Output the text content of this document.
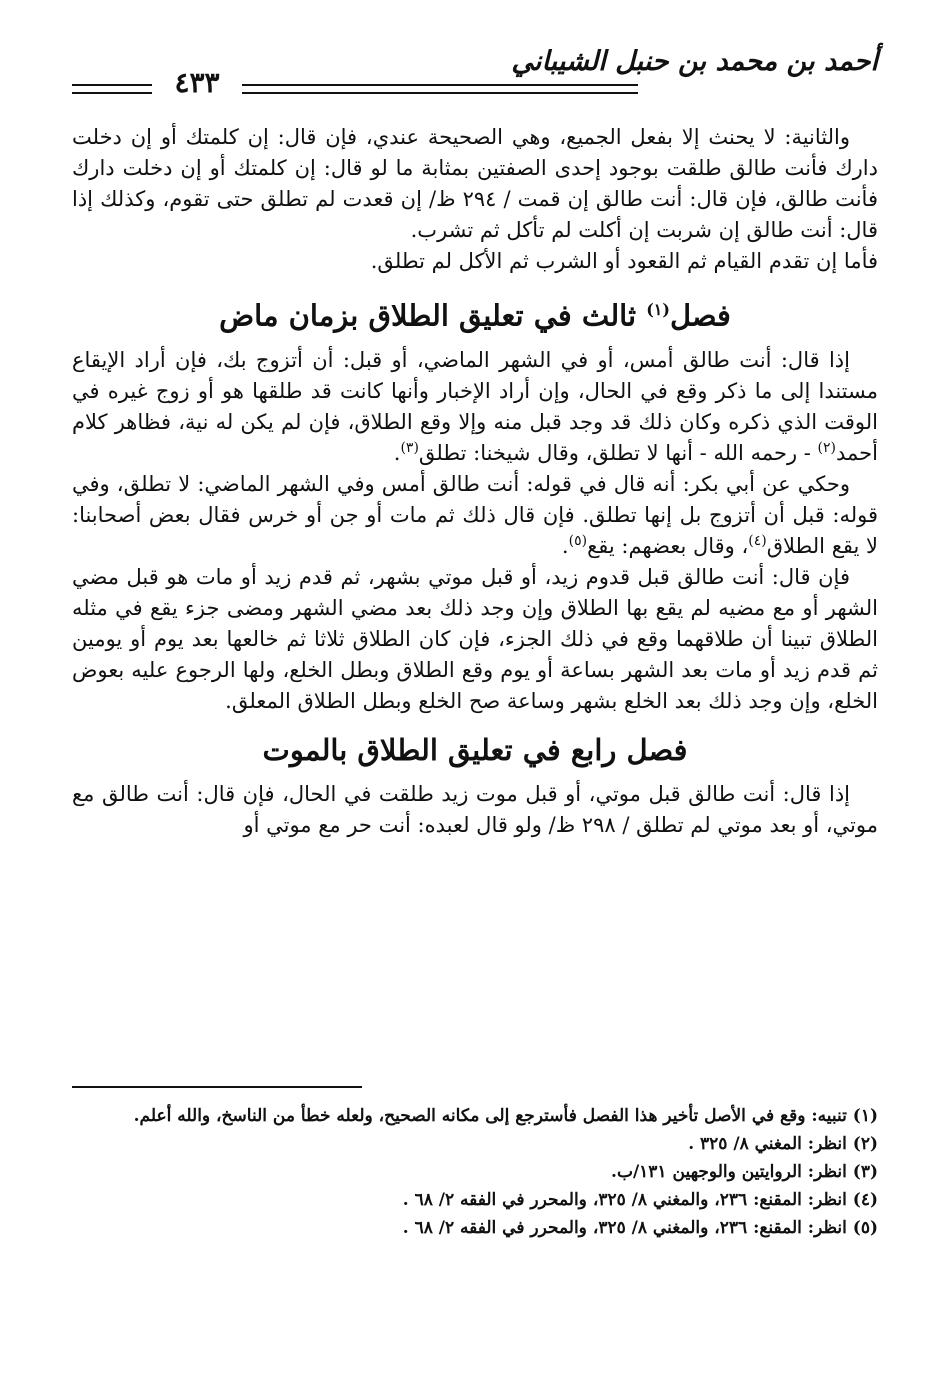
أحمد بن محمد بن حنبل الشيباني
٤٣٣

والثانية: لا يحنث إلا بفعل الجميع، وهي الصحيحة عندي، فإن قال: إن كلمتك أو إن دخلت دارك فأنت طالق طلقت بوجود إحدى الصفتين بمثابة ما لو قال: إن كلمتك أو إن دخلت دارك فأنت طالق، فإن قال: أنت طالق إن قمت / ٢٩٤ ظ/ إن قعدت لم تطلق حتى تقوم، وكذلك إذا قال: أنت طالق إن شربت إن أكلت لم تأكل ثم تشرب.

فأما إن تقدم القيام ثم القعود أو الشرب ثم الأكل لم تطلق.

فصل$^{(١)}$ ثالث في تعليق الطلاق بزمان ماض

إذا قال: أنت طالق أمس، أو في الشهر الماضي، أو قبل: أن أتزوج بك، فإن أراد الإيقاع مستندا إلى ما ذكر وقع في الحال، وإن أراد الإخبار وأنها كانت قد طلقها هو أو زوج غيره في الوقت الذي ذكره وكان ذلك قد وجد قبل منه وإلا وقع الطلاق، فإن لم يكن له نية، فظاهر كلام أحمد$^{(٢)}$ - رحمه الله - أنها لا تطلق، وقال شيخنا: تطلق$^{(٣)}$.

وحكي عن أبي بكر: أنه قال في قوله: أنت طالق أمس وفي الشهر الماضي: لا تطلق، وفي قوله: قبل أن أتزوج بل إنها تطلق. فإن قال ذلك ثم مات أو جن أو خرس فقال بعض أصحابنا: لا يقع الطلاق$^{(٤)}$، وقال بعضهم: يقع$^{(٥)}$.

فإن قال: أنت طالق قبل قدوم زيد، أو قبل موتي بشهر، ثم قدم زيد أو مات هو قبل مضي الشهر أو مع مضيه لم يقع بها الطلاق وإن وجد ذلك بعد مضي الشهر ومضى جزء يقع في مثله الطلاق تبينا أن طلاقهما وقع في ذلك الجزء، فإن كان الطلاق ثلاثا ثم خالعها بعد يوم أو يومين ثم قدم زيد أو مات بعد الشهر بساعة أو يوم وقع الطلاق وبطل الخلع، ولها الرجوع عليه بعوض الخلع، وإن وجد ذلك بعد الخلع بشهر وساعة صح الخلع وبطل الطلاق المعلق.

فصل رابع في تعليق الطلاق بالموت

إذا قال: أنت طالق قبل موتي، أو قبل موت زيد طلقت في الحال، فإن قال: أنت طالق مع موتي، أو بعد موتي لم تطلق / ٢٩٨ ظ/ ولو قال لعبده: أنت حر مع موتي أو

(١) تنبيه: وقع في الأصل تأخير هذا الفصل فأسترجع إلى مكانه الصحيح، ولعله خطأ من الناسخ، والله أعلم.
(٢) انظر: المغني ٨/ ٣٢٥ .
(٣) انظر: الروايتين والوجهين ١٣١/ب.
(٤) انظر: المقنع: ٢٣٦، والمغني ٨/ ٣٢٥، والمحرر في الفقه ٢/ ٦٨ .
(٥) انظر: المقنع: ٢٣٦، والمغني ٨/ ٣٢٥، والمحرر في الفقه ٢/ ٦٨ .
